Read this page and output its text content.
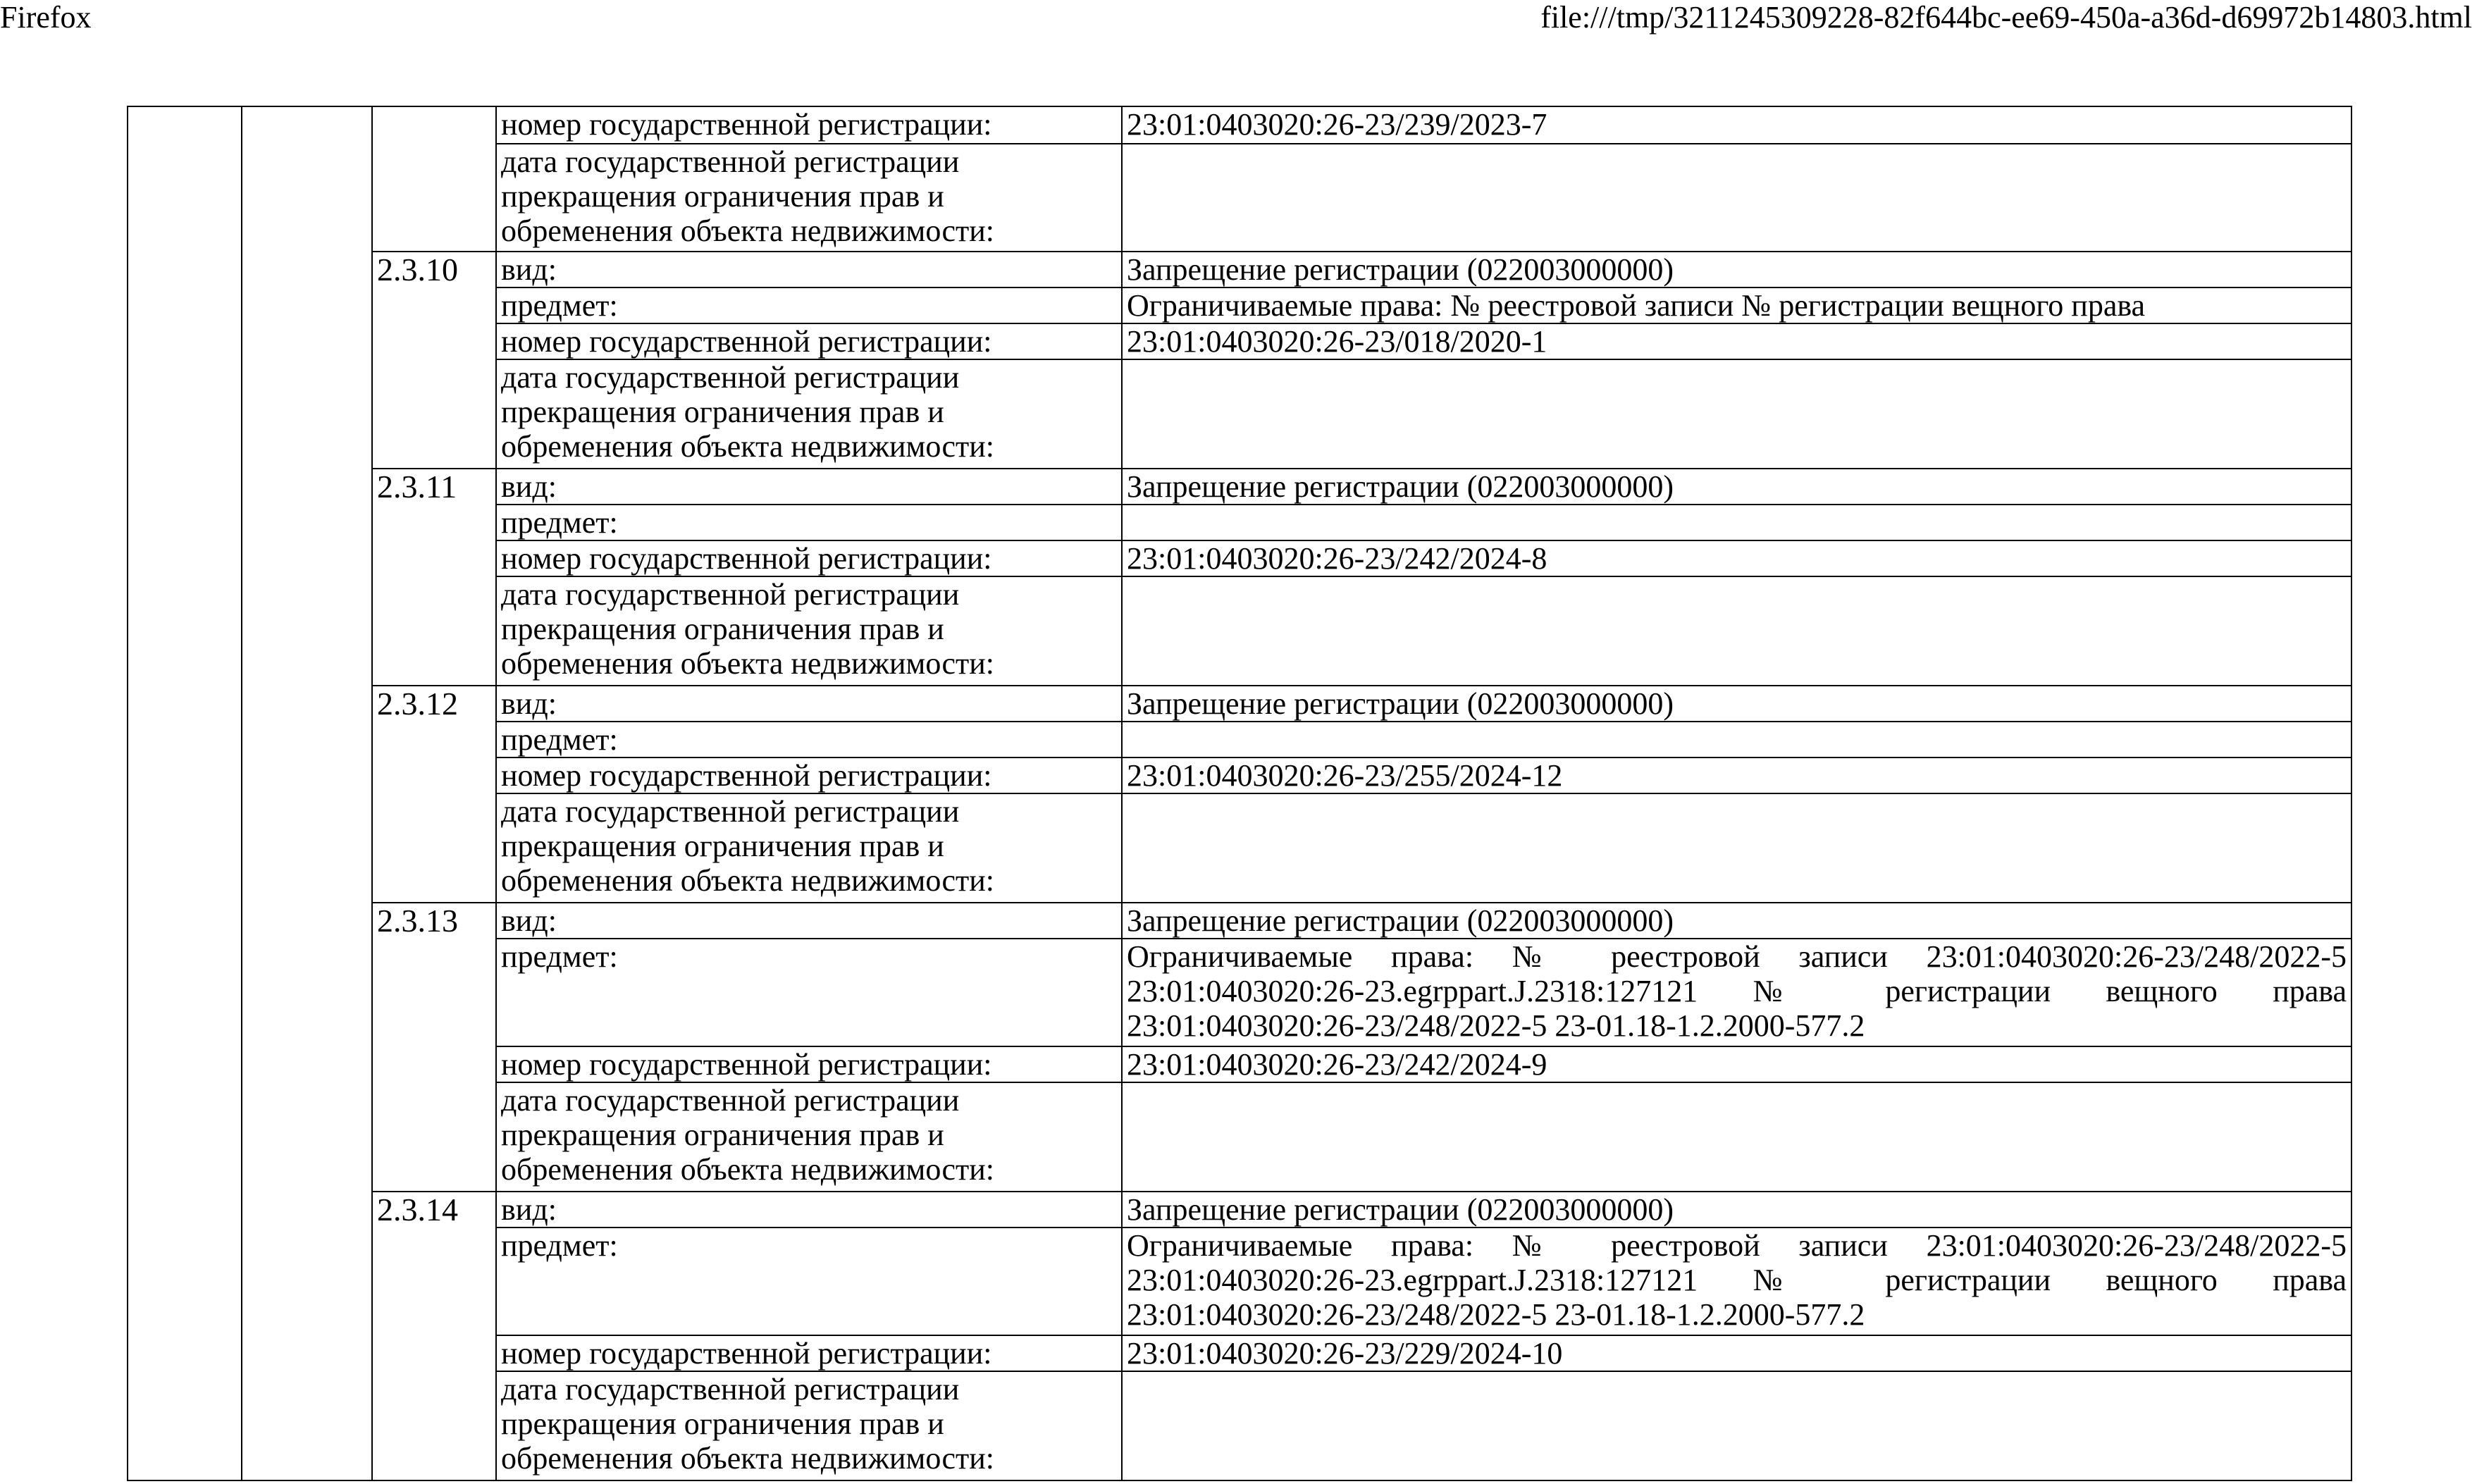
Firefox	file:///tmp/3211245309228-82f644bc-ee69-450a-a36d-d69972b14803.html
			номер государственной регистрации:	23:01:0403020:26-23/239/2023-7

			дата государственной регистрации
прекращения ограничения прав и
обременения объекта недвижимости:	

		2.3.10	вид:	Запрещение регистрации (022003000000)
			предмет:	Ограничиваемые права: № реестровой записи № регистрации вещного права

			номер государственной регистрации:	23:01:0403020:26-23/018/2020-1

			дата государственной регистрации
прекращения ограничения прав и
обременения объекта недвижимости:	

		2.3.11	вид:	Запрещение регистрации (022003000000)
			предмет:	
			номер государственной регистрации:	23:01:0403020:26-23/242/2024-8

			дата государственной регистрации
прекращения ограничения прав и
обременения объекта недвижимости:	

		2.3.12	вид:	Запрещение регистрации (022003000000)
			предмет:	
			номер государственной регистрации:	23:01:0403020:26-23/255/2024-12

			дата государственной регистрации
прекращения ограничения прав и
обременения объекта недвижимости:	

		2.3.13	вид:	Запрещение регистрации (022003000000)
			предмет:	Ограничиваемые права: № реестровой записи 23:01:0403020:26-23/248/2022-5
23:01:0403020:26-23.egrppart.J.2318:127121 № регистрации вещного права
23:01:0403020:26-23/248/2022-5 23-01.18-1.2.2000-577.2

			номер государственной регистрации:	23:01:0403020:26-23/242/2024-9

			дата государственной регистрации
прекращения ограничения прав и
обременения объекта недвижимости:	

		2.3.14	вид:	Запрещение регистрации (022003000000)
			предмет:	Ограничиваемые права: № реестровой записи 23:01:0403020:26-23/248/2022-5
23:01:0403020:26-23.egrppart.J.2318:127121 № регистрации вещного права
23:01:0403020:26-23/248/2022-5 23-01.18-1.2.2000-577.2

			номер государственной регистрации:	23:01:0403020:26-23/229/2024-10

			дата государственной регистрации
прекращения ограничения прав и
обременения объекта недвижимости:	
